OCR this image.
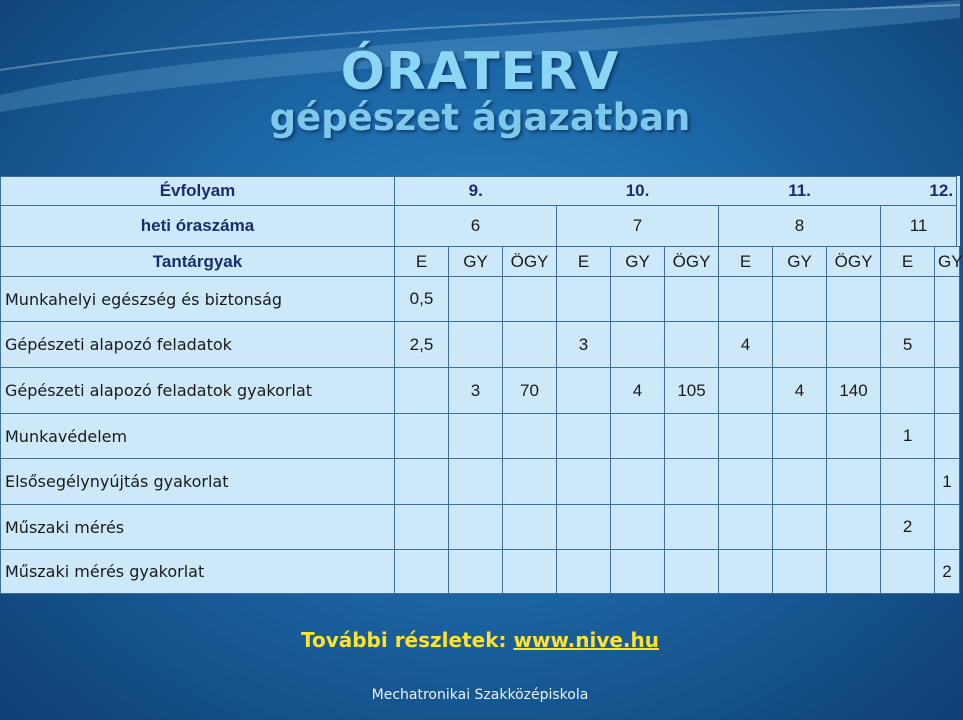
ÓRATERV
gépészet ágazatban
Évfolyam	9.			10.			11.			12.	
heti óraszáma	6			7			8			11	
Tantárgyak	E	GY	ÖGY	E	GY	ÖGY	E	GY	ÖGY	E	GY
Munkahelyi egészség és biztonság	0,5										
Gépészeti alapozó feladatok	2,5			3			4			5	
Gépészeti alapozó feladatok gyakorlat		3	70		4	105		4	140		
Munkavédelem										1	
Elsősegélynyújtás gyakorlat											1
Műszaki mérés										2	
Műszaki mérés gyakorlat											2
További részletek: www.nive.hu
Mechatronikai Szakközépiskola
